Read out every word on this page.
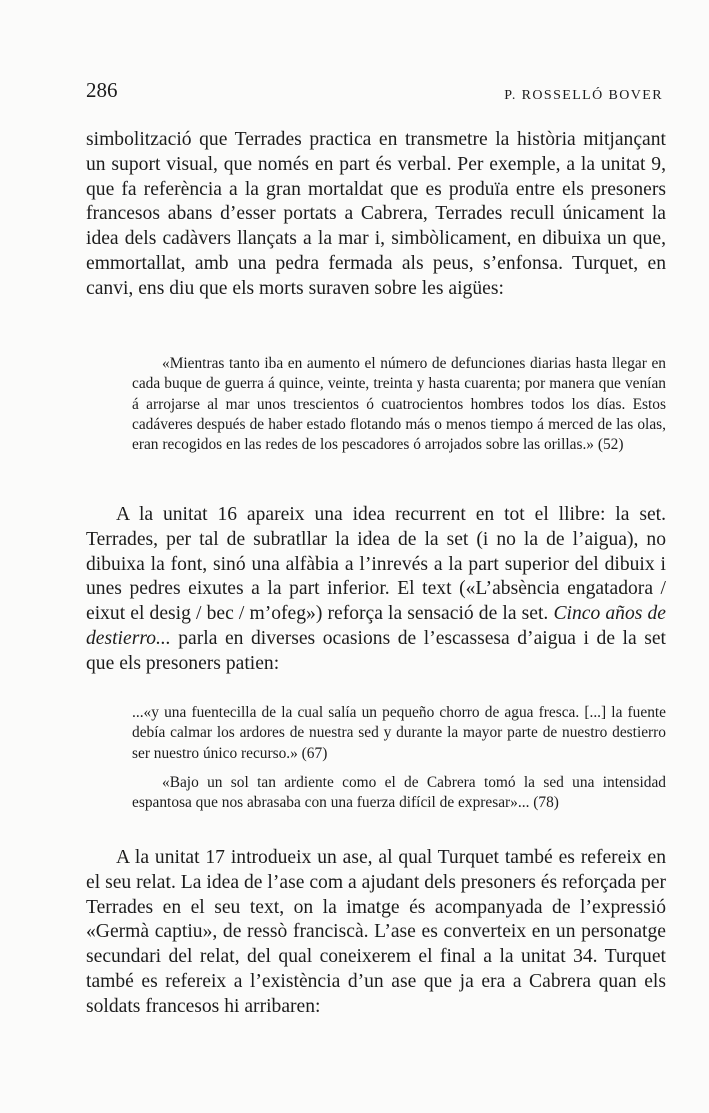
286	P. ROSSELLÓ BOVER

simbolització que Terrades practica en transmetre la història mitjançant un suport visual, que només en part és verbal. Per exemple, a la unitat 9, que fa referència a la gran mortaldat que es produïa entre els presoners francesos abans d’esser portats a Cabrera, Terrades recull únicament la idea dels cadàvers llançats a la mar i, simbòlicament, en dibuixa un que, emmortallat, amb una pedra fermada als peus, s’enfonsa. Turquet, en canvi, ens diu que els morts suraven sobre les aigües:

«Mientras tanto iba en aumento el número de defunciones diarias hasta llegar en cada buque de guerra á quince, veinte, treinta y hasta cuarenta; por manera que venían á arrojarse al mar unos trescientos ó cuatrocientos hombres todos los días. Estos cadáveres después de haber estado flotando más o menos tiempo á merced de las olas, eran recogidos en las redes de los pescadores ó arrojados sobre las orillas.» (52)

A la unitat 16 apareix una idea recurrent en tot el llibre: la set. Terrades, per tal de subratllar la idea de la set (i no la de l’aigua), no dibuixa la font, sinó una alfàbia a l’inrevés a la part superior del dibuix i unes pedres eixutes a la part inferior. El text («L’absència engatadora / eixut el desig / bec / m’ofeg») reforça la sensació de la set. Cinco años de destierro... parla en diverses ocasions de l’escassesa d’aigua i de la set que els presoners patien:

...«y una fuentecilla de la cual salía un pequeño chorro de agua fresca. [...] la fuente debía calmar los ardores de nuestra sed y durante la mayor parte de nuestro destierro ser nuestro único recurso.» (67)

«Bajo un sol tan ardiente como el de Cabrera tomó la sed una intensidad espantosa que nos abrasaba con una fuerza difícil de expresar»... (78)

A la unitat 17 introdueix un ase, al qual Turquet també es refereix en el seu relat. La idea de l’ase com a ajudant dels presoners és reforçada per Terrades en el seu text, on la imatge és acompanyada de l’expressió «Germà captiu», de ressò franciscà. L’ase es converteix en un personatge secundari del relat, del qual coneixerem el final a la unitat 34. Turquet també es refereix a l’existència d’un ase que ja era a Cabrera quan els soldats francesos hi arribaren:
